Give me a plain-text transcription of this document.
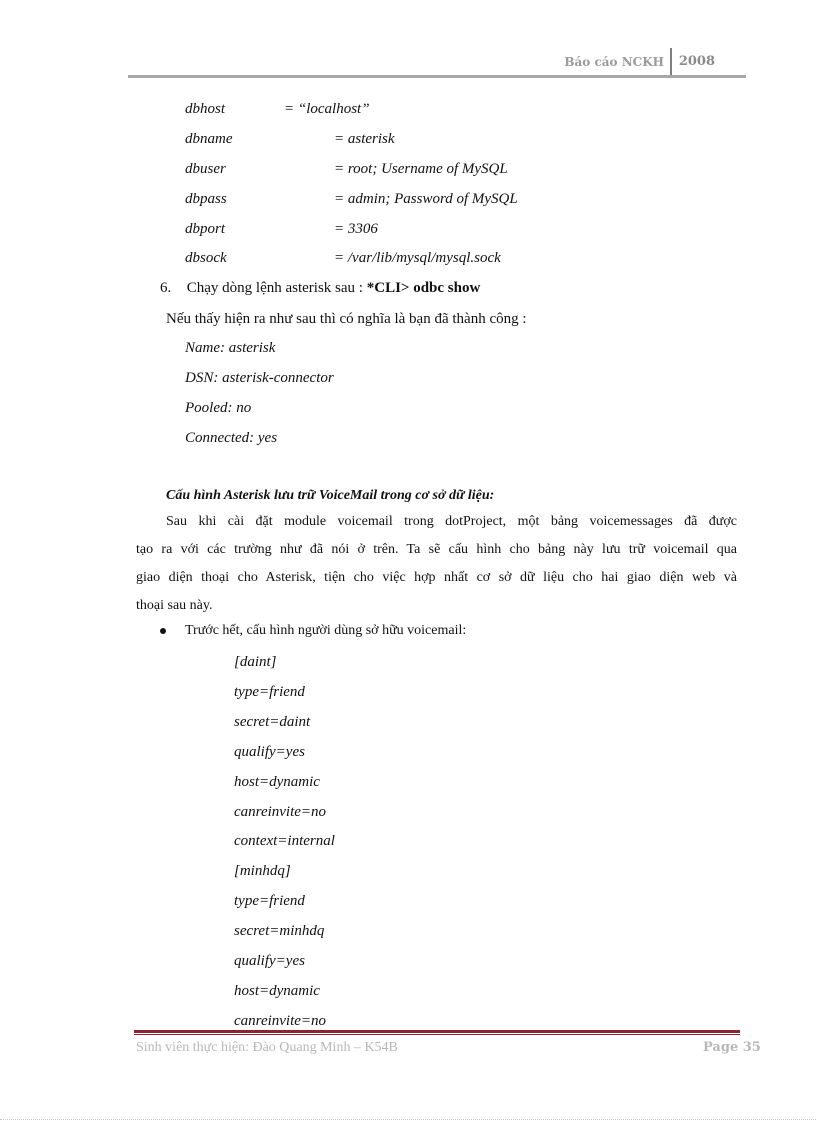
Báo cáo NCKH 2008
dbhost	= “localhost”
dbname	= asterisk
dbuser	= root; Username of MySQL
dbpass	= admin; Password of MySQL
dbport	= 3306
dbsock	= /var/lib/mysql/mysql.sock
6. Chạy dòng lệnh asterisk sau : *CLI> odbc show
Nếu thấy hiện ra như sau thì có nghĩa là bạn đã thành công :
Name: asterisk
DSN: asterisk-connector
Pooled: no
Connected: yes
Cấu hình Asterisk lưu trữ VoiceMail trong cơ sở dữ liệu:
Sau khi cài đặt module voicemail trong dotProject, một bảng voicemessages đã được
tạo ra với các trường như đã nói ở trên. Ta sẽ cấu hình cho bảng này lưu trữ voicemail qua
giao diện thoại cho Asterisk, tiện cho việc hợp nhất cơ sở dữ liệu cho hai giao diện web và
thoại sau này.
Trước hết, cấu hình người dùng sở hữu voicemail:
[daint]
type=friend
secret=daint
qualify=yes
host=dynamic
canreinvite=no
context=internal
[minhdq]
type=friend
secret=minhdq
qualify=yes
host=dynamic
canreinvite=no
Sinh viên thực hiện: Đào Quang Minh – K54B	Page 35
